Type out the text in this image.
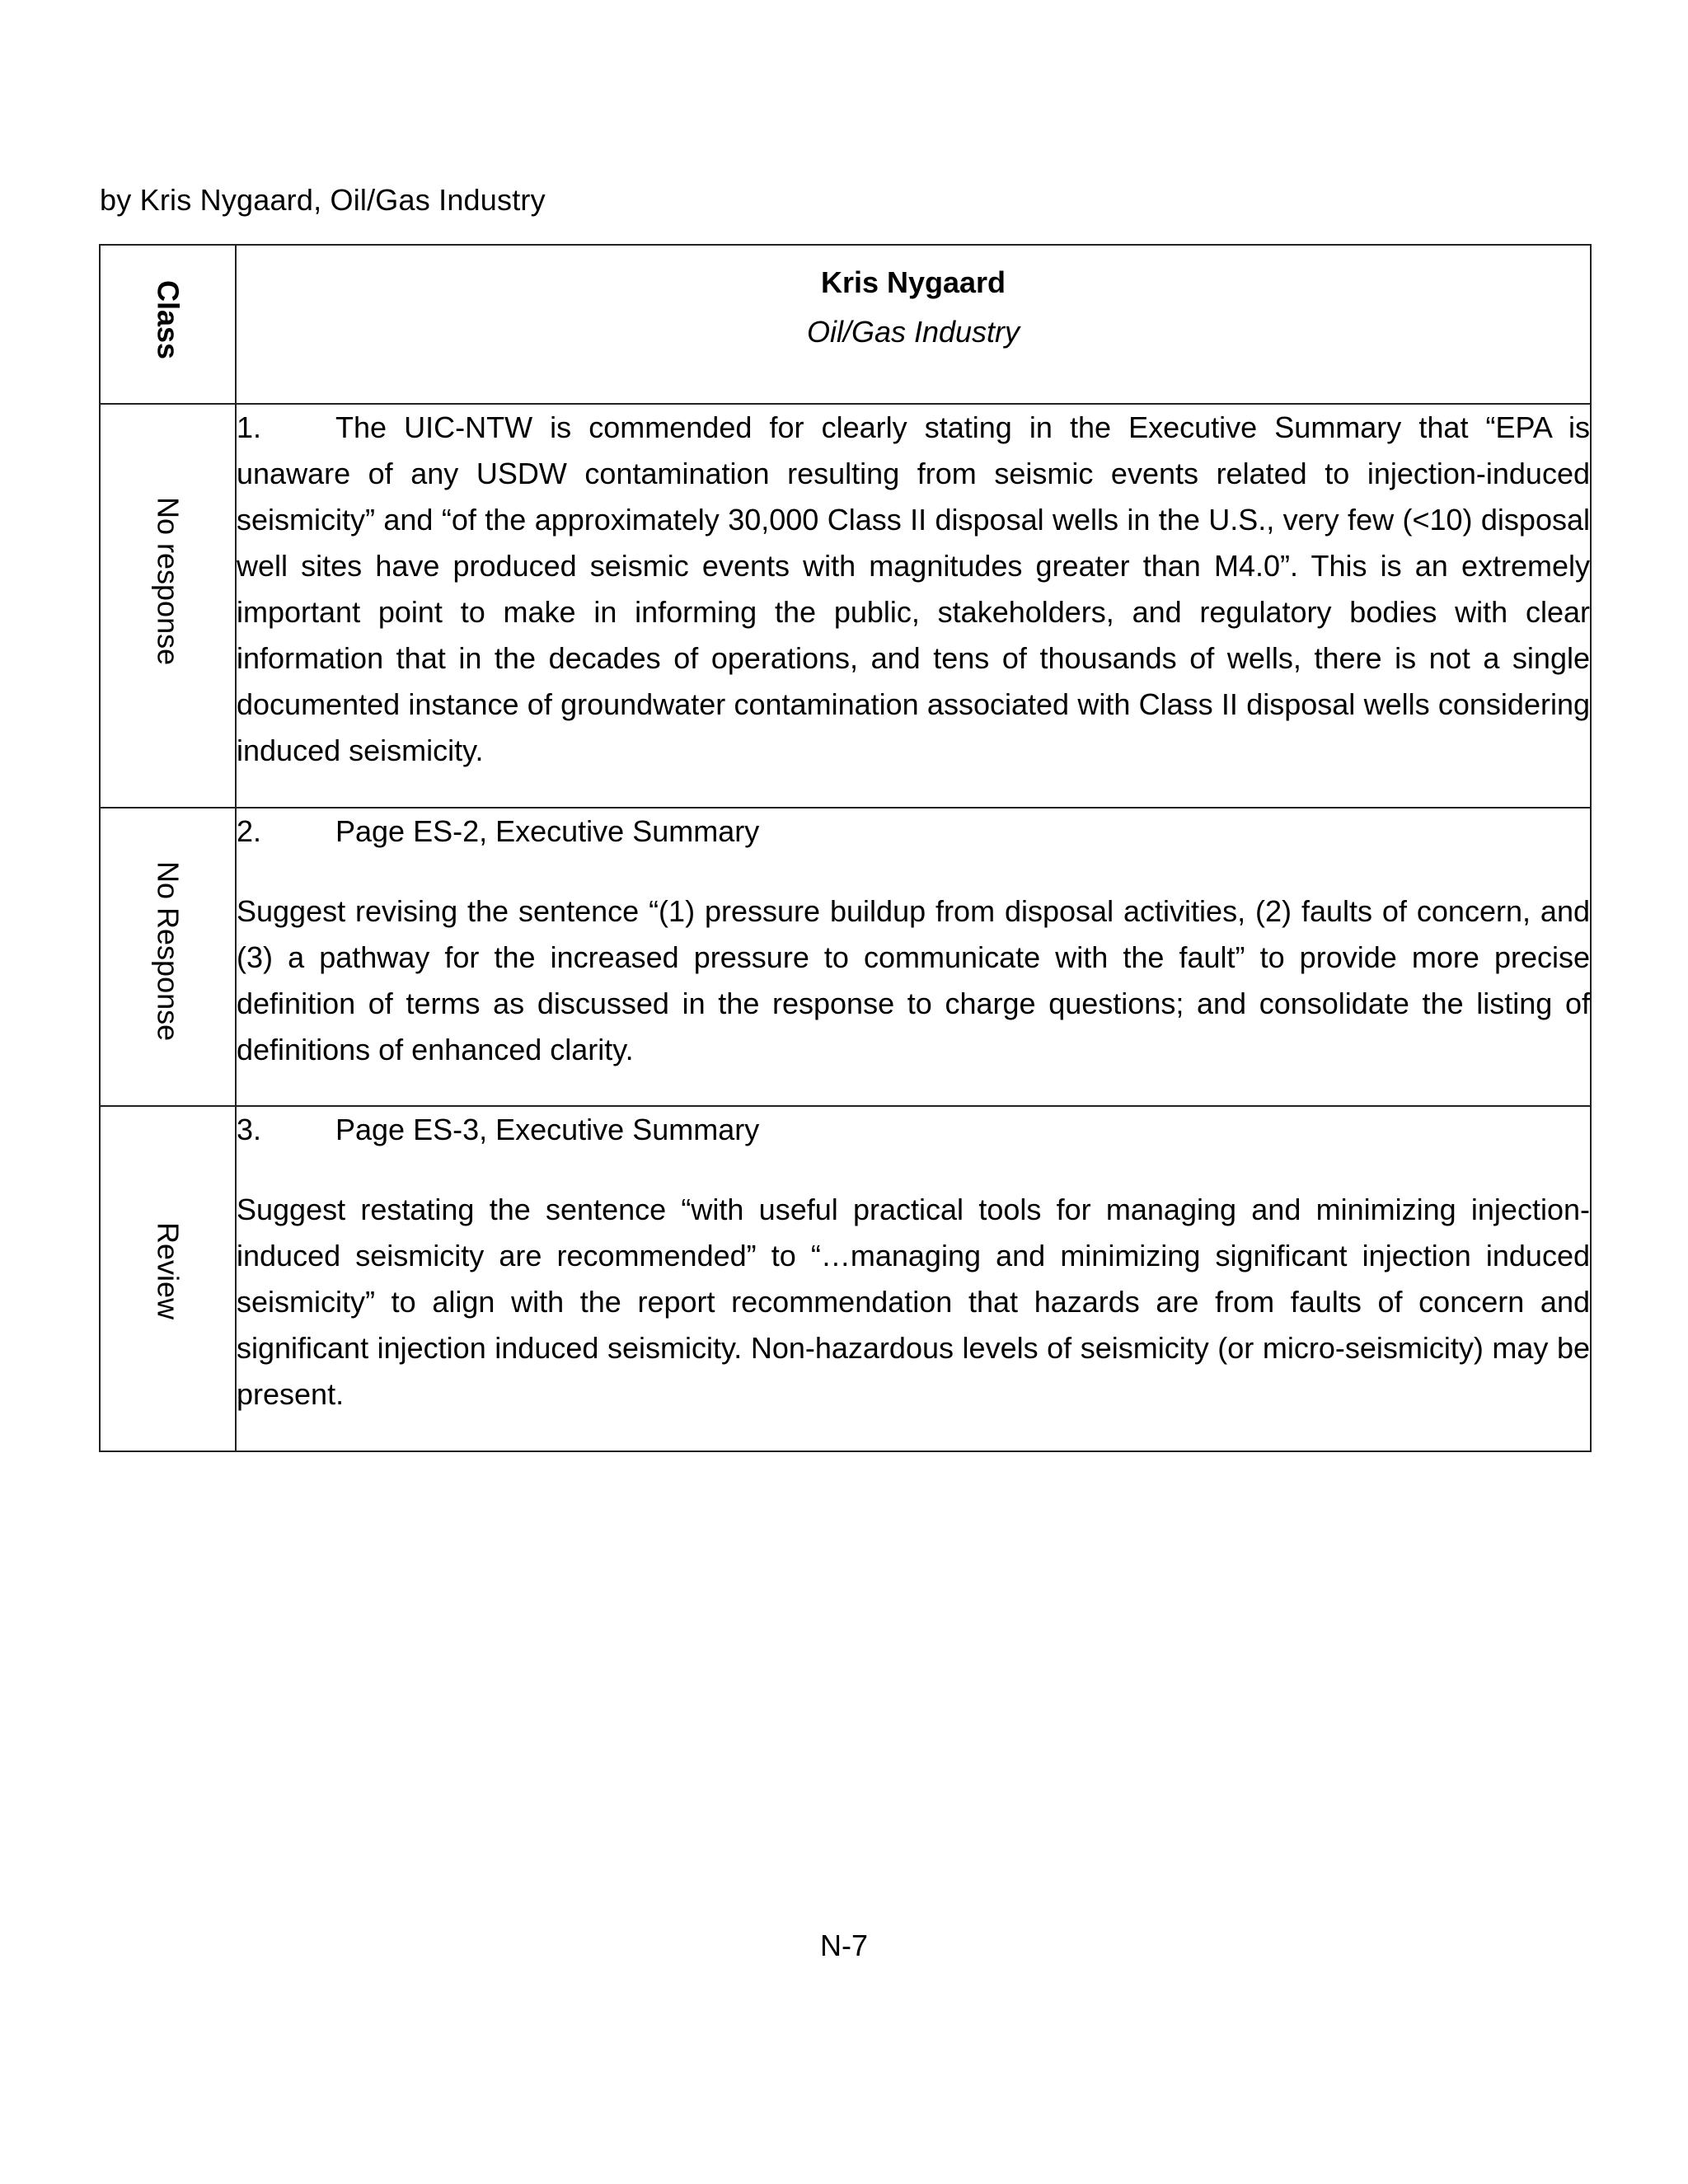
by Kris Nygaard, Oil/Gas Industry
Class	Kris Nygaard
Oil/Gas Industry

No response	1. The UIC-NTW is commended for clearly stating in the Executive Summary that “EPA is unaware of any USDW contamination resulting from seismic events related to injection-induced seismicity” and “of the approximately 30,000 Class II disposal wells in the U.S., very few (<10) disposal well sites have produced seismic events with magnitudes greater than M4.0”. This is an extremely important point to make in informing the public, stakeholders, and regulatory bodies with clear information that in the decades of operations, and tens of thousands of wells, there is not a single documented instance of groundwater contamination associated with Class II disposal wells considering induced seismicity.

No Response	2. Page ES-2, Executive Summary

Suggest revising the sentence “(1) pressure buildup from disposal activities, (2) faults of concern, and (3) a pathway for the increased pressure to communicate with the fault” to provide more precise definition of terms as discussed in the response to charge questions; and consolidate the listing of definitions of enhanced clarity.

Review	3. Page ES-3, Executive Summary

Suggest restating the sentence “with useful practical tools for managing and minimizing injection-induced seismicity are recommended” to “…managing and minimizing significant injection induced seismicity” to align with the report recommendation that hazards are from faults of concern and significant injection induced seismicity. Non-hazardous levels of seismicity (or micro-seismicity) may be present.

N-7
